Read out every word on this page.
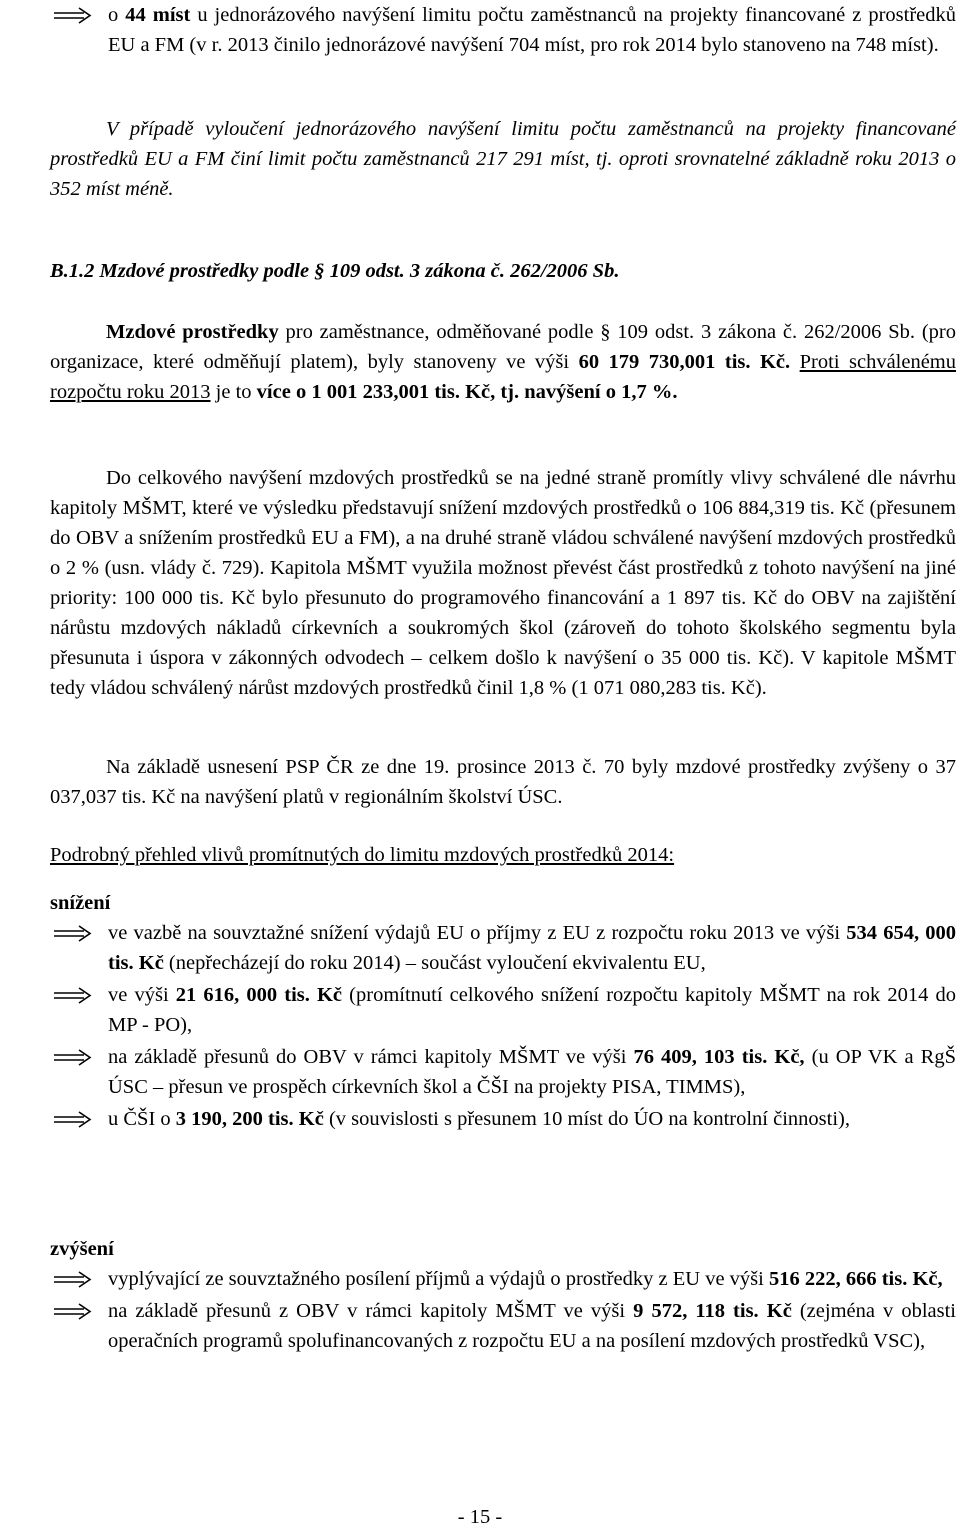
o 44 míst u jednorázového navýšení limitu počtu zaměstnanců na projekty financované z prostředků EU a FM (v r. 2013 činilo jednorázové navýšení 704 míst, pro rok 2014 bylo stanoveno na 748 míst).
V případě vyloučení jednorázového navýšení limitu počtu zaměstnanců na projekty financované prostředků EU a FM činí limit počtu zaměstnanců 217 291 míst, tj. oproti srovnatelné základně roku 2013 o 352 míst méně.
B.1.2 Mzdové prostředky podle § 109 odst. 3 zákona č. 262/2006 Sb.
Mzdové prostředky pro zaměstnance, odměňované podle § 109 odst. 3 zákona č. 262/2006 Sb. (pro organizace, které odměňují platem), byly stanoveny ve výši 60 179 730,001 tis. Kč. Proti schválenému rozpočtu roku 2013 je to více o 1 001 233,001 tis. Kč, tj. navýšení o 1,7 %.
Do celkového navýšení mzdových prostředků se na jedné straně promítly vlivy schválené dle návrhu kapitoly MŠMT, které ve výsledku představují snížení mzdových prostředků o 106 884,319 tis. Kč (přesunem do OBV a snížením prostředků EU a FM), a na druhé straně vládou schválené navýšení mzdových prostředků o 2 % (usn. vlády č. 729). Kapitola MŠMT využila možnost převést část prostředků z tohoto navýšení na jiné priority: 100 000 tis. Kč bylo přesunuto do programového financování a 1 897 tis. Kč do OBV na zajištění nárůstu mzdových nákladů církevních a soukromých škol (zároveň do tohoto školského segmentu byla přesunuta i úspora v zákonných odvodech – celkem došlo k navýšení o 35 000 tis. Kč). V kapitole MŠMT tedy vládou schválený nárůst mzdových prostředků činil 1,8 % (1 071 080,283 tis. Kč).
Na základě usnesení PSP ČR ze dne 19. prosince 2013 č. 70 byly mzdové prostředky zvýšeny o 37 037,037 tis. Kč na navýšení platů v regionálním školství ÚSC.
Podrobný přehled vlivů promítnutých do limitu mzdových prostředků 2014:
snížení
ve vazbě na souvztažné snížení výdajů EU o příjmy z EU z rozpočtu roku 2013 ve výši 534 654, 000 tis. Kč (nepřecházejí do roku 2014) – součást vyloučení ekvivalentu EU,
ve výši 21 616, 000 tis. Kč (promítnutí celkového snížení rozpočtu kapitoly MŠMT na rok 2014 do MP - PO),
na základě přesunů do OBV v rámci kapitoly MŠMT ve výši 76 409, 103 tis. Kč, (u OP VK a RgŠ ÚSC – přesun ve prospěch církevních škol a ČŠI na projekty PISA, TIMMS),
u ČŠI o 3 190, 200 tis. Kč (v souvislosti s přesunem 10 míst do ÚO na kontrolní činnosti),
zvýšení
vyplývající ze souvztažného posílení příjmů a výdajů o prostředky z EU ve výši 516 222, 666 tis. Kč,
na základě přesunů z OBV v rámci kapitoly MŠMT ve výši 9 572, 118 tis. Kč (zejména v oblasti operačních programů spolufinancovaných z rozpočtu EU a na posílení mzdových prostředků VSC),
- 15 -
